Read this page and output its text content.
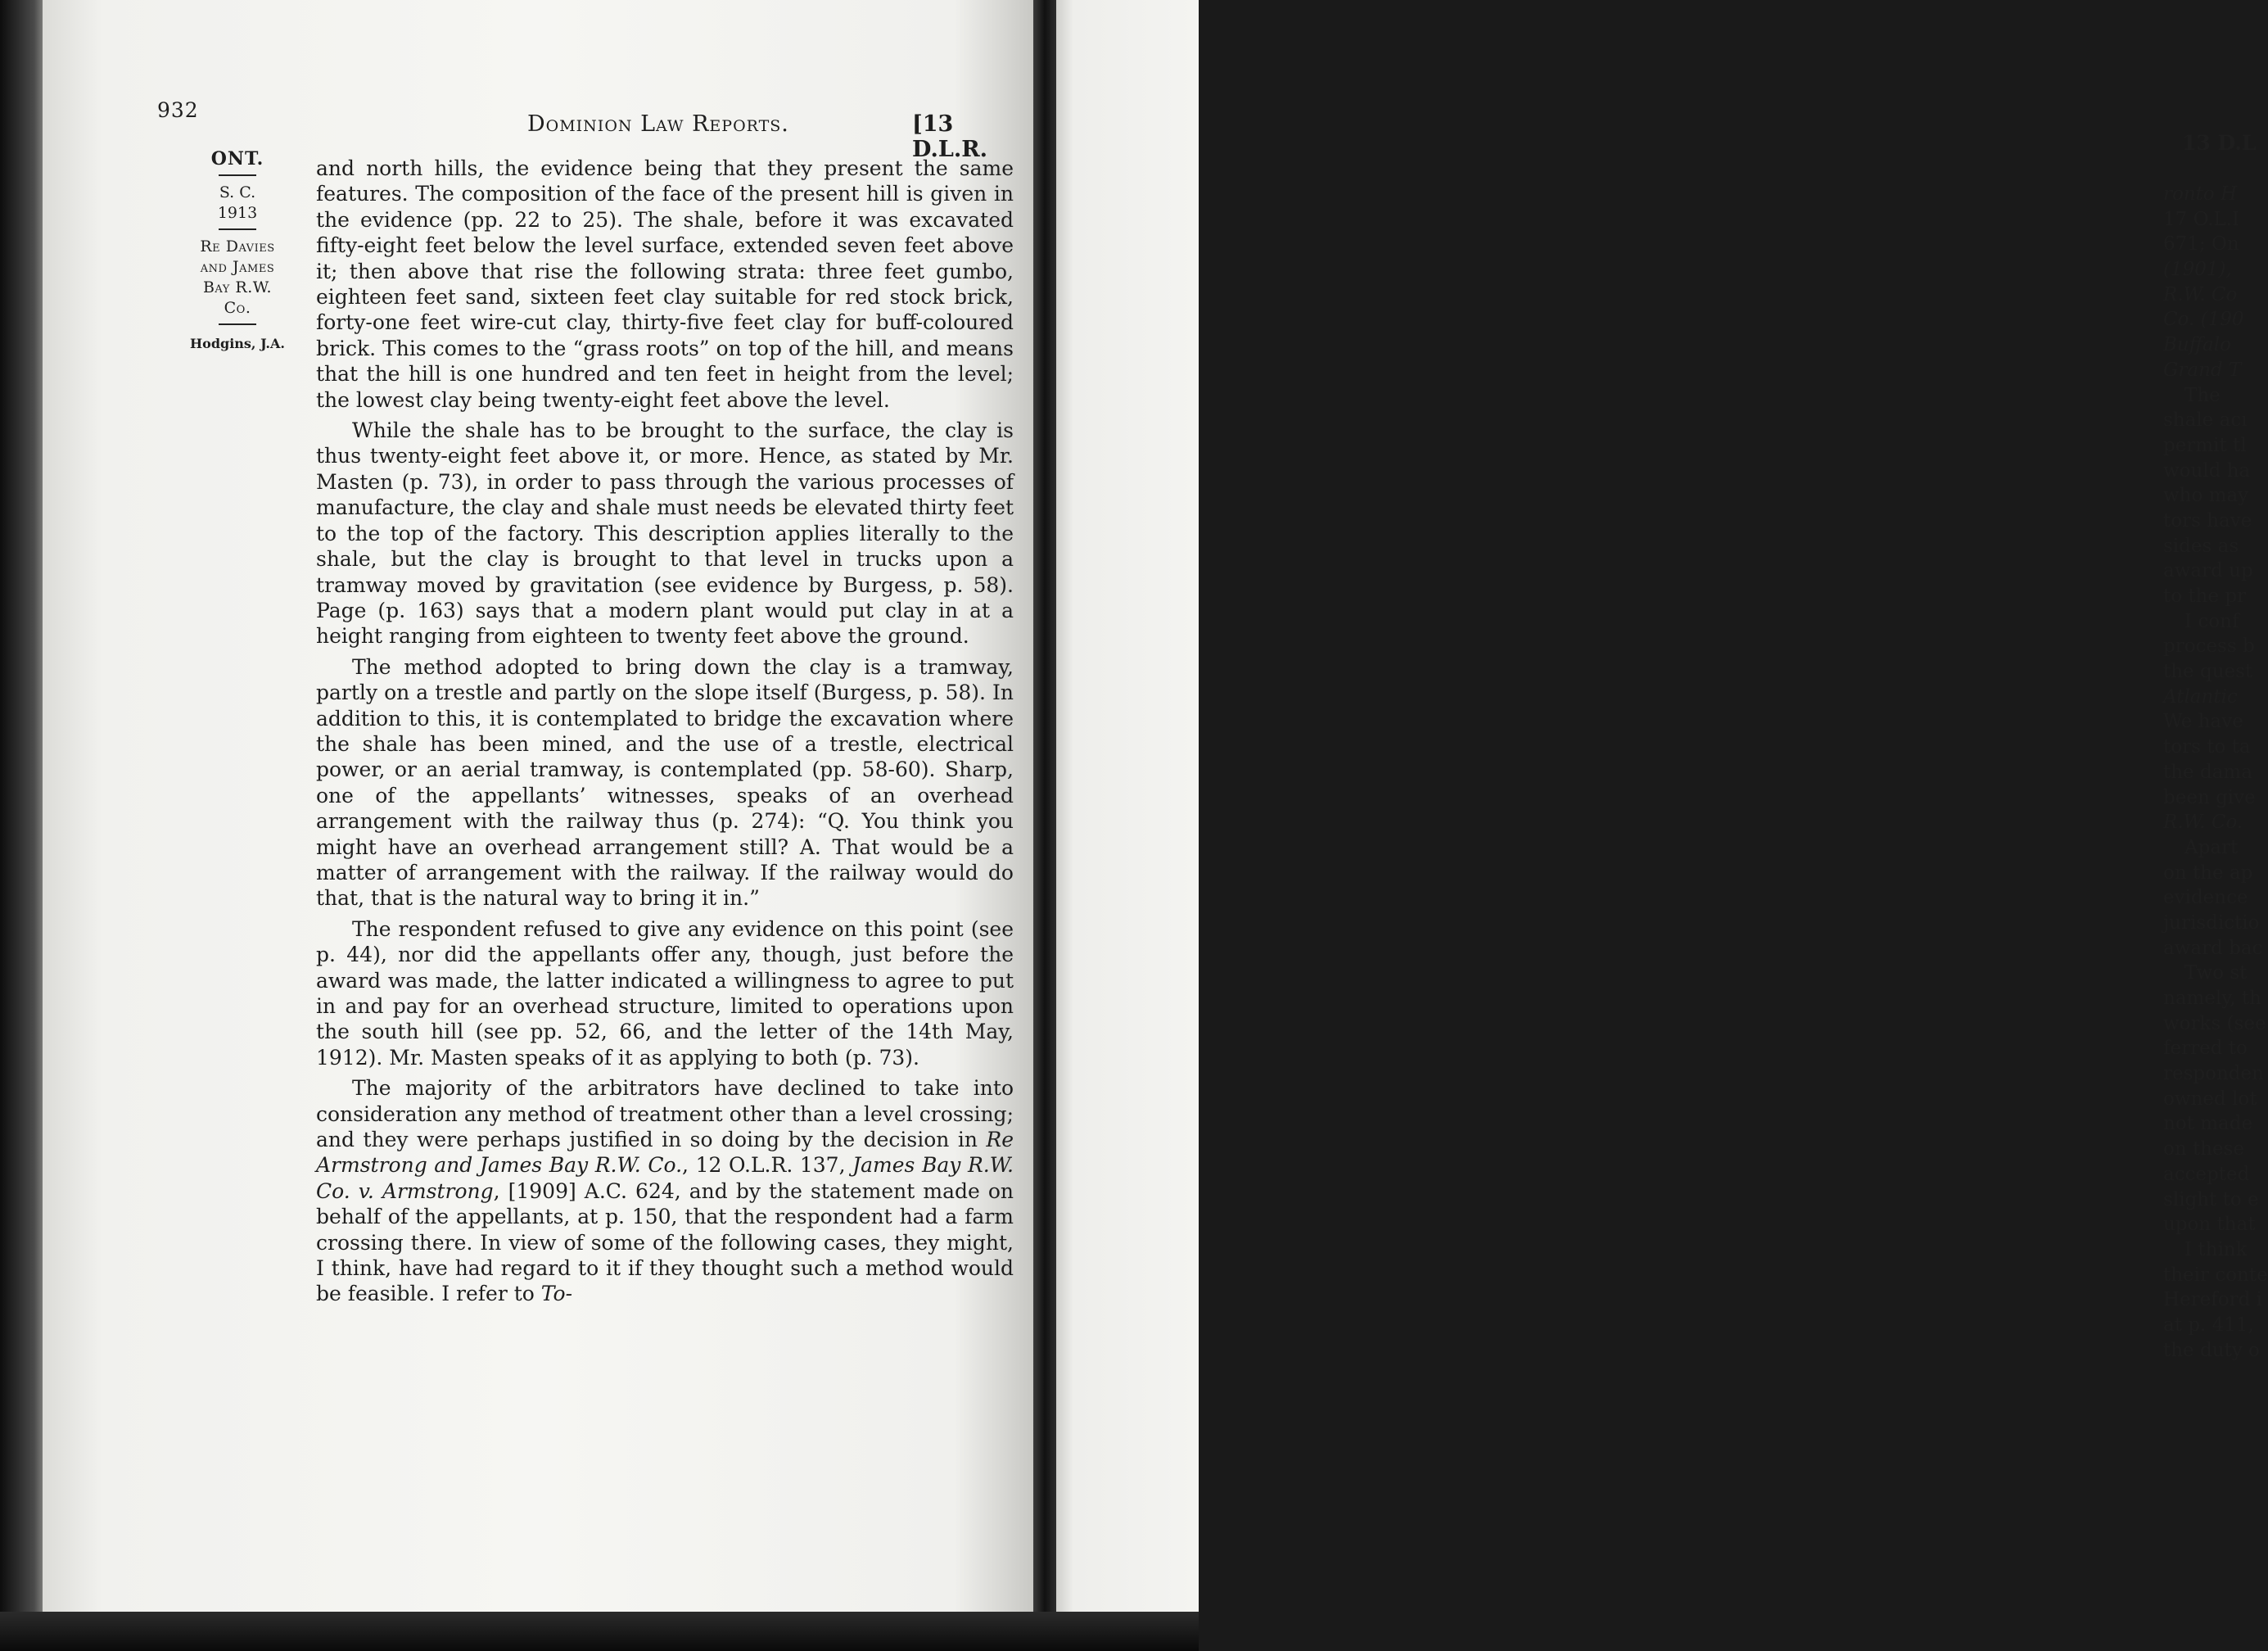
932
Dominion Law Reports.	[13 D.L.R.
ONT.
S. C.
1913
Re Davies
and James
Bay R.W.
Co.
Hodgins, J.A.

and north hills, the evidence being that they present the same features. The composition of the face of the present hill is given in the evidence (pp. 22 to 25). The shale, before it was excavated fifty-eight feet below the level surface, extended seven feet above it; then above that rise the following strata: three feet gumbo, eighteen feet sand, sixteen feet clay suitable for red stock brick, forty-one feet wire-cut clay, thirty-five feet clay for buff-coloured brick. This comes to the “grass roots” on top of the hill, and means that the hill is one hundred and ten feet in height from the level; the lowest clay being twenty-eight feet above the level.

While the shale has to be brought to the surface, the clay is thus twenty-eight feet above it, or more. Hence, as stated by Mr. Masten (p. 73), in order to pass through the various processes of manufacture, the clay and shale must needs be elevated thirty feet to the top of the factory. This description applies literally to the shale, but the clay is brought to that level in trucks upon a tramway moved by gravitation (see evidence by Burgess, p. 58). Page (p. 163) says that a modern plant would put clay in at a height ranging from eighteen to twenty feet above the ground.

The method adopted to bring down the clay is a tramway, partly on a trestle and partly on the slope itself (Burgess, p. 58). In addition to this, it is contemplated to bridge the excavation where the shale has been mined, and the use of a trestle, electrical power, or an aerial tramway, is contemplated (pp. 58-60). Sharp, one of the appellants’ witnesses, speaks of an overhead arrangement with the railway thus (p. 274): “Q. You think you might have an overhead arrangement still? A. That would be a matter of arrangement with the railway. If the railway would do that, that is the natural way to bring it in.”

The respondent refused to give any evidence on this point (see p. 44), nor did the appellants offer any, though, just before the award was made, the latter indicated a willingness to agree to put in and pay for an overhead structure, limited to operations upon the south hill (see pp. 52, 66, and the letter of the 14th May, 1912). Mr. Masten speaks of it as applying to both (p. 73).

The majority of the arbitrators have declined to take into consideration any method of treatment other than a level crossing; and they were perhaps justified in so doing by the decision in Re Armstrong and James Bay R.W. Co., 12 O.L.R. 137, James Bay R.W. Co. v. Armstrong, [1909] A.C. 624, and by the statement made on behalf of the appellants, at p. 150, that the respondent had a farm crossing there. In view of some of the following cases, they might, I think, have had regard to it if they thought such a method would be feasible. I refer to To-

13 D.L
ronto H
17 O.L.I
671; On
(1901),
R.W. Co
Co. (190
Buffalo
Grand T
The
shale acı
permit tl
would ha
who may
tors have
sides as
award up
to the pr
I conf
process b
the quest
Atlantic
We have
tors to ta
the dama
been give
R.W. Co.
Apart
on the ap
evidence
jurisdictio
award bac
Two st
namely, th
works (see
ferred to
responden
owned lot
not made
on these
accepted
slight to e
upon that
I think
their conte
Hereford i
at p. 411,
the duty o
